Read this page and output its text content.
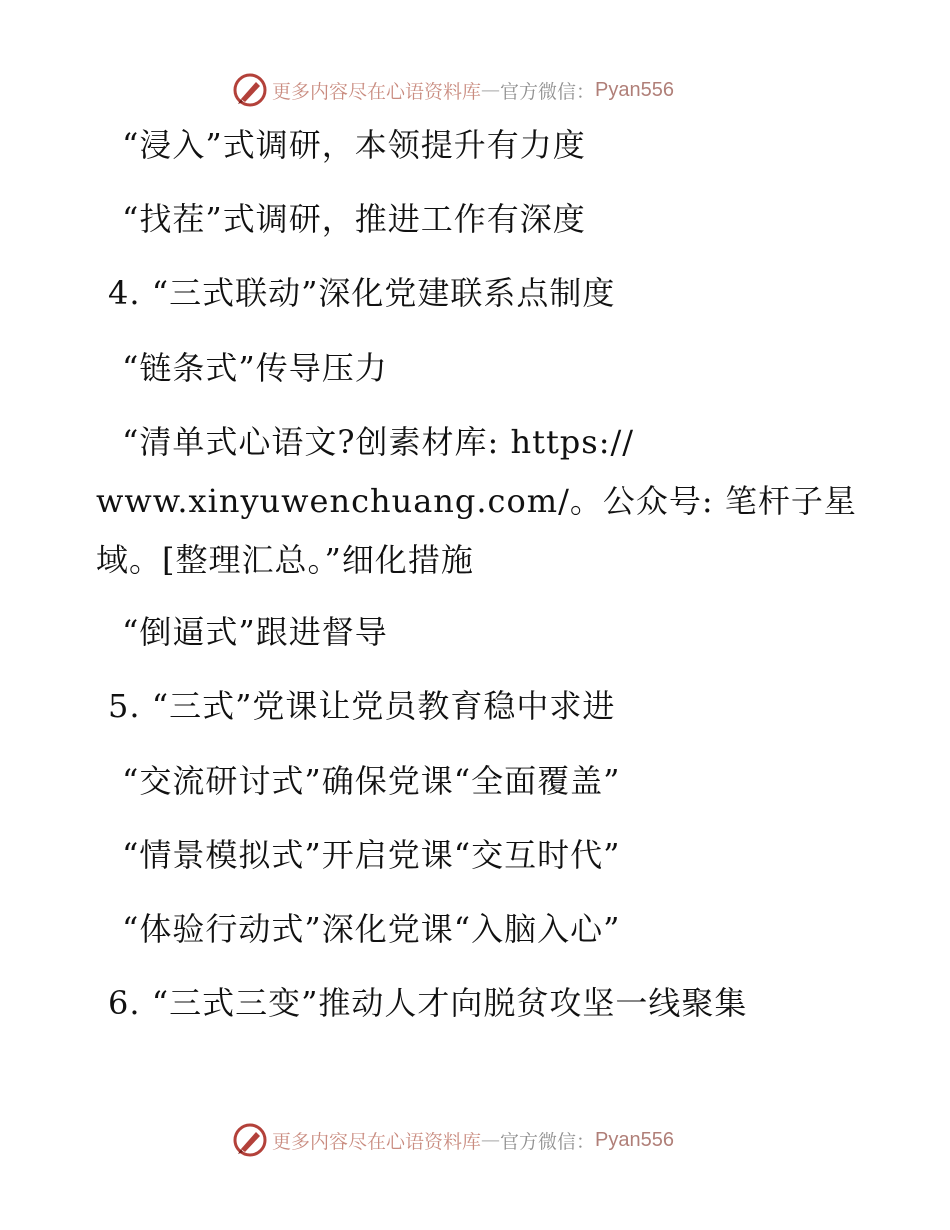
更多内容尽在心语资料库 — 官方微信： Pyan556
“浸入”式调研，本领提升有力度
“找茬”式调研，推进工作有深度
4. “三式联动”深化党建联系点制度
“链条式”传导压力
“清单式心语文?创素材库: https://
www.xinyuwenchuang.com/。公众号: 笔杆子星
域。[整理汇总。”细化措施
“倒逼式”跟进督导
5. “三式”党课让党员教育稳中求进
“交流研讨式”确保党课“全面覆盖”
“情景模拟式”开启党课“交互时代”
“体验行动式”深化党课“入脑入心”
6. “三式三变”推动人才向脱贫攻坚一线聚集
更多内容尽在心语资料库 — 官方微信： Pyan556
